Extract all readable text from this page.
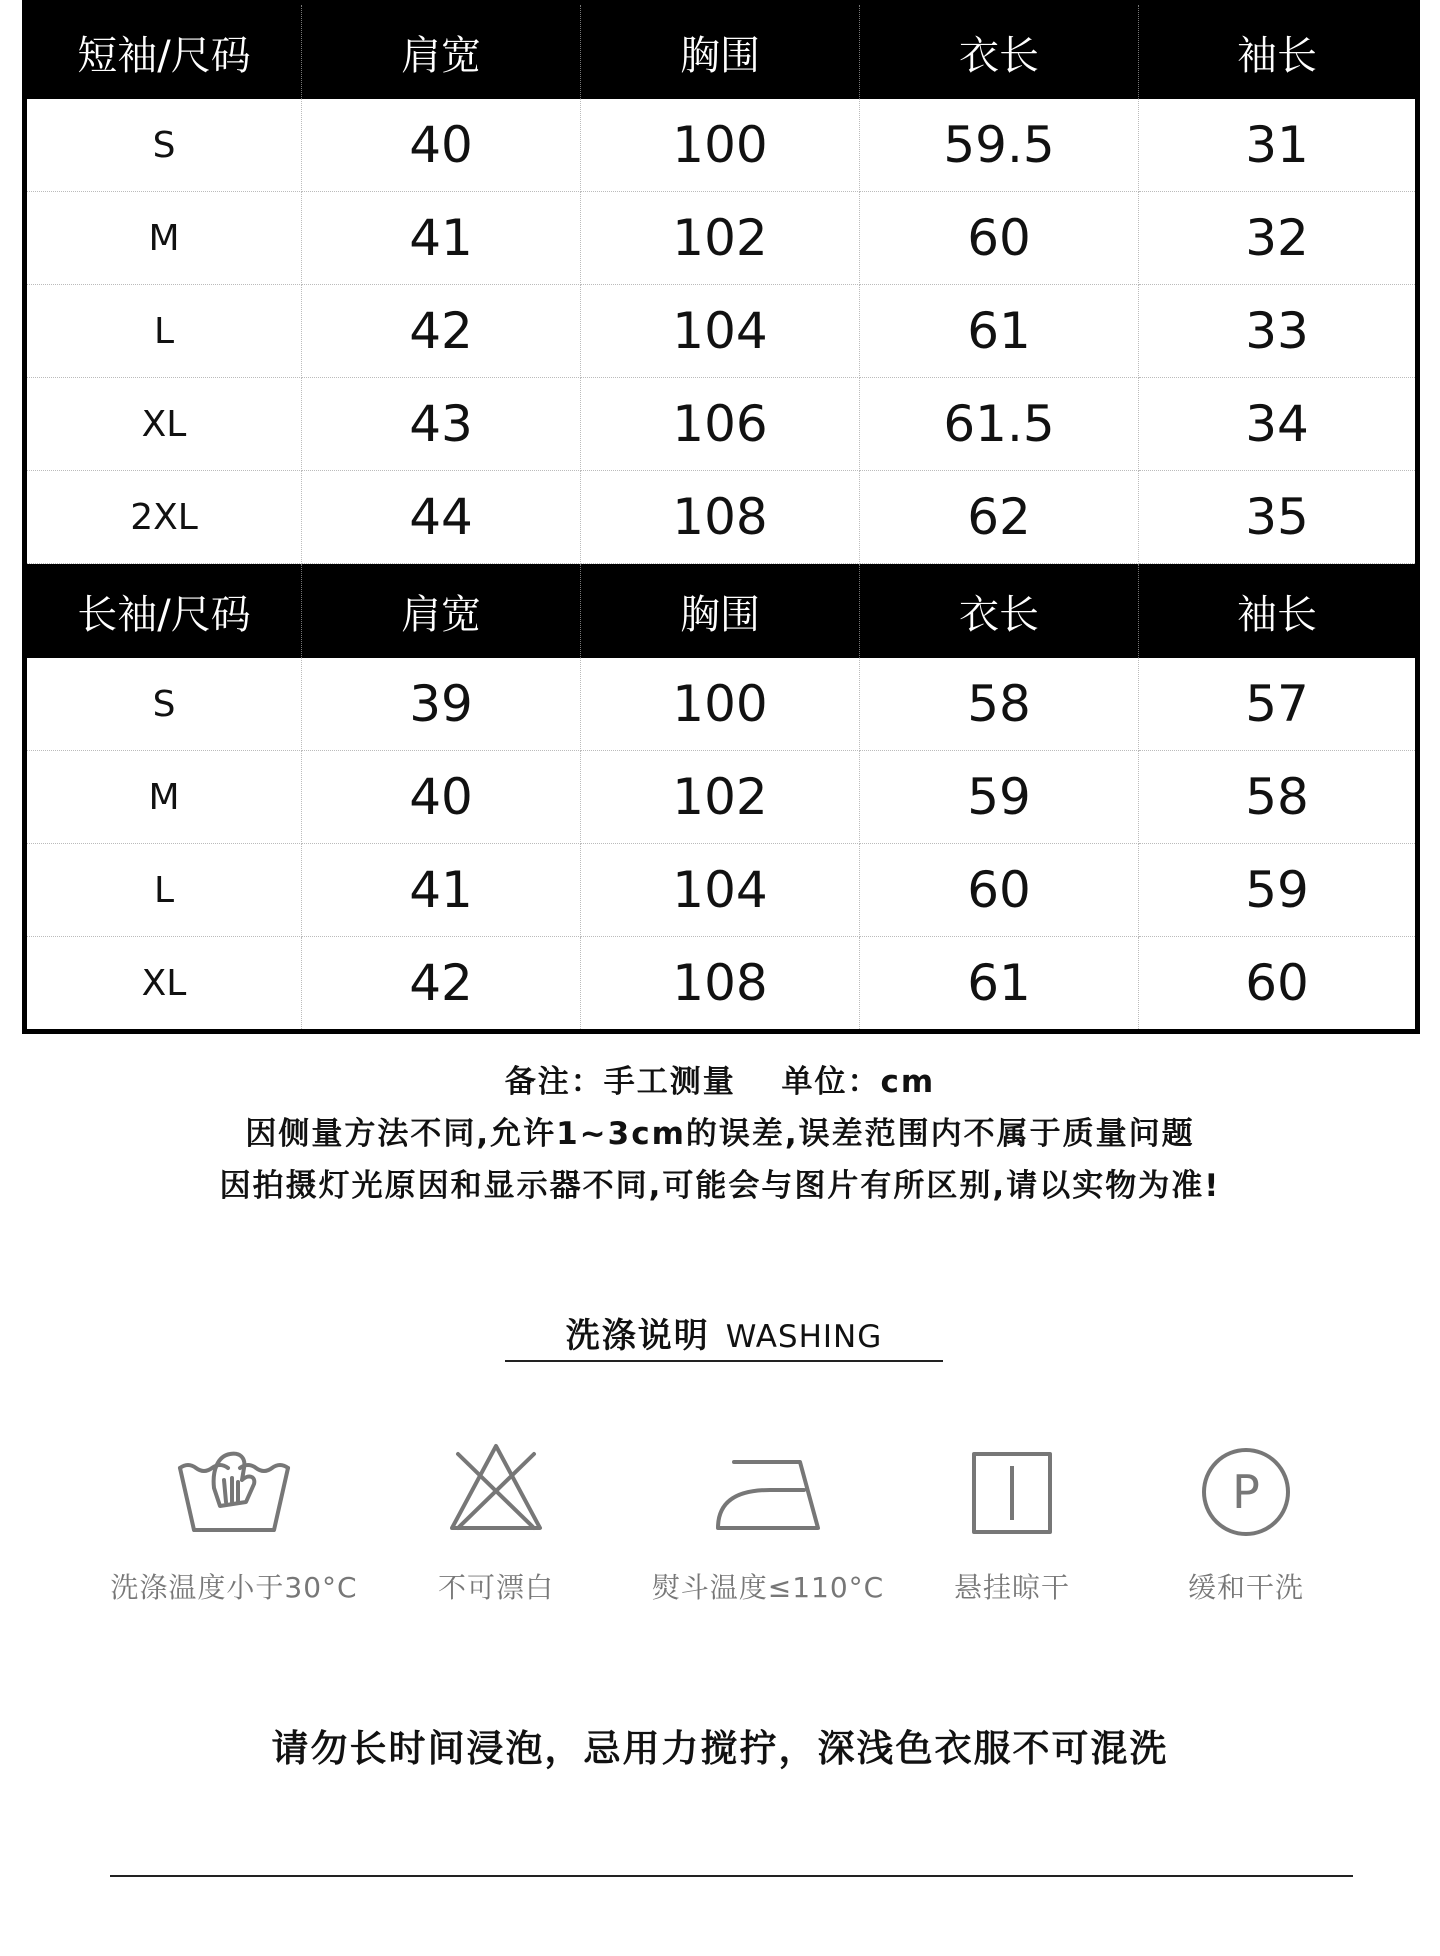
短袖/尺码	肩宽	胸围	衣长	袖长
S	40	100	59.5	31
M	41	102	60	32
L	42	104	61	33
XL	43	106	61.5	34
2XL	44	108	62	35
长袖/尺码	肩宽	胸围	衣长	袖长
S	39	100	58	57
M	40	102	59	58
L	41	104	60	59
XL	42	108	61	60
备注：手工测量　 单位：cm
因侧量方法不同,允许1~3cm的误差,误差范围内不属于质量问题
因拍摄灯光原因和显示器不同,可能会与图片有所区别,请以实物为准!
洗涤说明 WASHING
洗涤温度小于30°C	不可漂白	熨斗温度≤110°C	悬挂晾干
P
缓和干洗
请勿长时间浸泡，忌用力搅拧，深浅色衣服不可混洗
